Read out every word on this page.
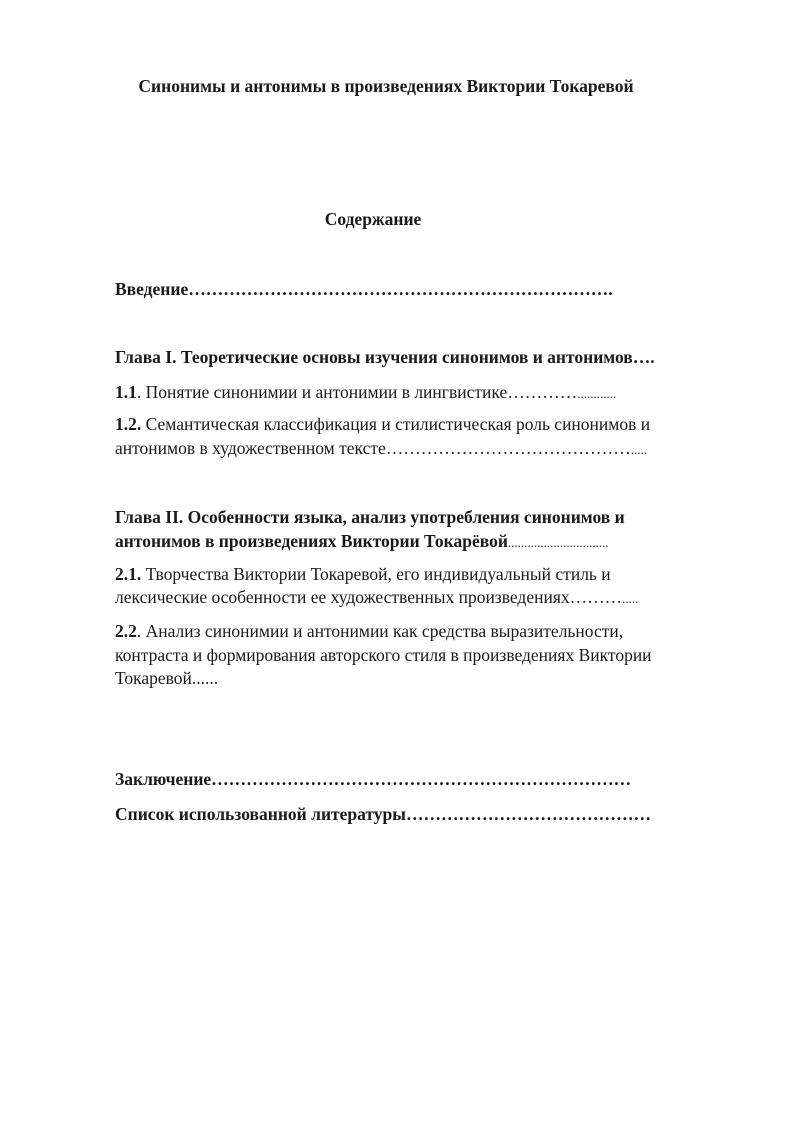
Синонимы и антонимы в произведениях Виктории Токаревой
Содержание
Введение……………………………………………………………….
Глава I. Теоретические основы изучения синонимов и антонимов….
1.1. Понятие синонимии и антонимии в лингвистике…………............
1.2. Семантическая классификация и стилистическая роль синонимов и
антонимов в художественном тексте…………………………………….....
Глава II. Особенности языка, анализ употребления синонимов и
антонимов в произведениях Виктории Токарёвой...............................
2.1. Творчества Виктории Токаревой, его индивидуальный стиль и
лексические особенности ее художественных произведениях……….....
2.2. Анализ синонимии и антонимии как средства выразительности,
контраста и формирования авторского стиля в произведениях Виктории
Токаревой......
Заключение………………………………………………………………
Список использованной литературы……………………………………
